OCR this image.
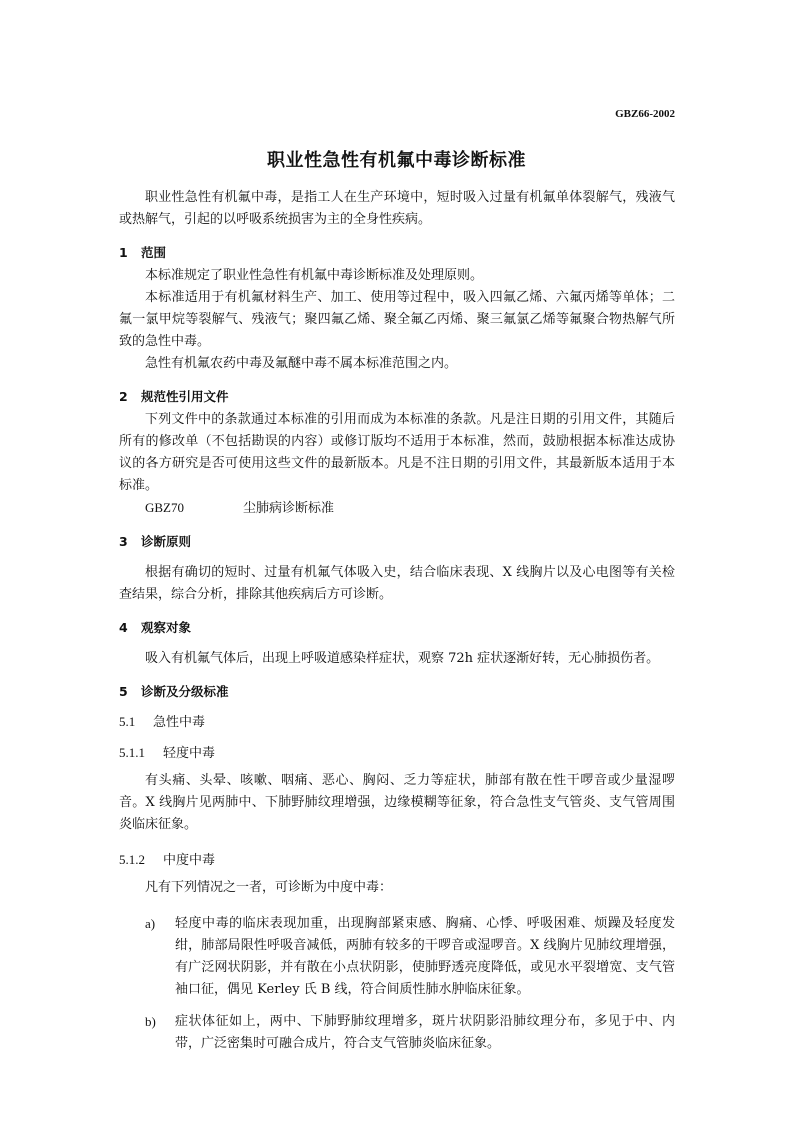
GBZ66-2002
职业性急性有机氟中毒诊断标准

职业性急性有机氟中毒，是指工人在生产环境中，短时吸入过量有机氟单体裂解气，残液气或热解气，引起的以呼吸系统损害为主的全身性疾病。

1 范围

本标准规定了职业性急性有机氟中毒诊断标准及处理原则。

本标准适用于有机氟材料生产、加工、使用等过程中，吸入四氟乙烯、六氟丙烯等单体；二氟一氯甲烷等裂解气、残液气；聚四氟乙烯、聚全氟乙丙烯、聚三氟氯乙烯等氟聚合物热解气所致的急性中毒。

急性有机氟农药中毒及氟醚中毒不属本标准范围之内。

2 规范性引用文件

下列文件中的条款通过本标准的引用而成为本标准的条款。凡是注日期的引用文件，其随后所有的修改单（不包括勘误的内容）或修订版均不适用于本标准，然而，鼓励根据本标准达成协议的各方研究是否可使用这些文件的最新版本。凡是不注日期的引用文件，其最新版本适用于本标准。

GBZ70	尘肺病诊断标准
3 诊断原则

根据有确切的短时、过量有机氟气体吸入史，结合临床表现、X 线胸片以及心电图等有关检查结果，综合分析，排除其他疾病后方可诊断。

4 观察对象

吸入有机氟气体后，出现上呼吸道感染样症状，观察 72h 症状逐渐好转，无心肺损伤者。

5 诊断及分级标准
5.1 急性中毒
5.1.1 轻度中毒

有头痛、头晕、咳嗽、咽痛、恶心、胸闷、乏力等症状，肺部有散在性干啰音或少量湿啰音。X 线胸片见两肺中、下肺野肺纹理增强，边缘模糊等征象，符合急性支气管炎、支气管周围炎临床征象。

5.1.2 中度中毒

凡有下列情况之一者，可诊断为中度中毒：

a) 轻度中毒的临床表现加重，出现胸部紧束感、胸痛、心悸、呼吸困难、烦躁及轻度发绀，肺部局限性呼吸音减低，两肺有较多的干啰音或湿啰音。X 线胸片见肺纹理增强，有广泛网状阴影，并有散在小点状阴影，使肺野透亮度降低，或见水平裂增宽、支气管袖口征，偶见 Kerley 氏 B 线，符合间质性肺水肿临床征象。

b) 症状体征如上，两中、下肺野肺纹理增多，斑片状阴影沿肺纹理分布，多见于中、内带，广泛密集时可融合成片，符合支气管肺炎临床征象。
